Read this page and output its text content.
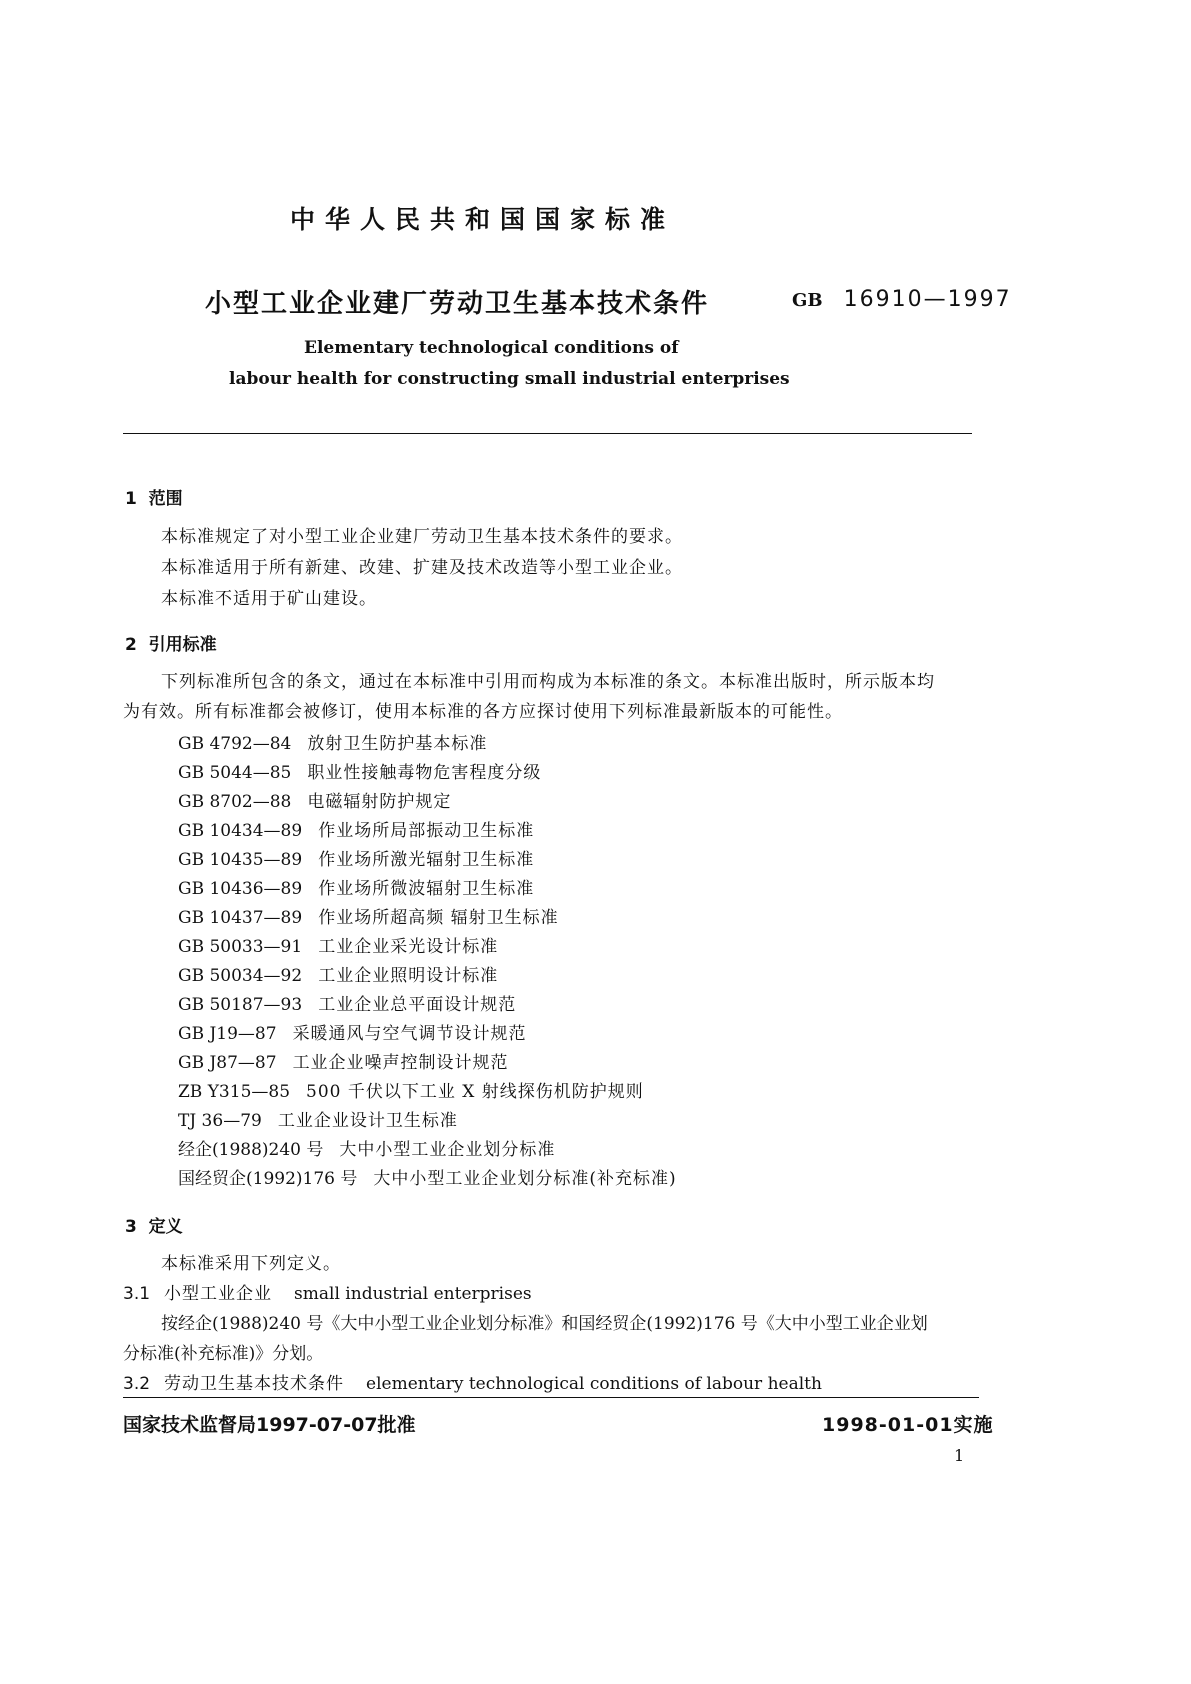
中华人民共和国国家标准
小型工业企业建厂劳动卫生基本技术条件	GB 16910—1997
Elementary technological conditions of
labour health for constructing small industrial enterprises
1  范围
本标准规定了对小型工业企业建厂劳动卫生基本技术条件的要求。
本标准适用于所有新建、改建、扩建及技术改造等小型工业企业。
本标准不适用于矿山建设。
2  引用标准
下列标准所包含的条文，通过在本标准中引用而构成为本标准的条文。本标准出版时，所示版本均
为有效。所有标准都会被修订，使用本标准的各方应探讨使用下列标准最新版本的可能性。
GB 4792—84 放射卫生防护基本标准
GB 5044—85 职业性接触毒物危害程度分级
GB 8702—88 电磁辐射防护规定
GB 10434—89 作业场所局部振动卫生标准
GB 10435—89 作业场所激光辐射卫生标准
GB 10436—89 作业场所微波辐射卫生标准
GB 10437—89 作业场所超高频 辐射卫生标准
GB 50033—91 工业企业采光设计标准
GB 50034—92 工业企业照明设计标准
GB 50187—93 工业企业总平面设计规范
GB J19—87 采暖通风与空气调节设计规范
GB J87—87 工业企业噪声控制设计规范
ZB Y315—85 500 千伏以下工业 X 射线探伤机防护规则
TJ 36—79 工业企业设计卫生标准
经企(1988)240 号 大中小型工业企业划分标准
国经贸企(1992)176 号 大中小型工业企业划分标准(补充标准)
3  定义
本标准采用下列定义。
3.1 小型工业企业 small industrial enterprises
按经企(1988)240 号《大中小型工业企业划分标准》和国经贸企(1992)176 号《大中小型工业企业划
分标准(补充标准)》分划。
3.2 劳动卫生基本技术条件 elementary technological conditions of labour health
国家技术监督局1997-07-07批准	1998-01-01实施
1
